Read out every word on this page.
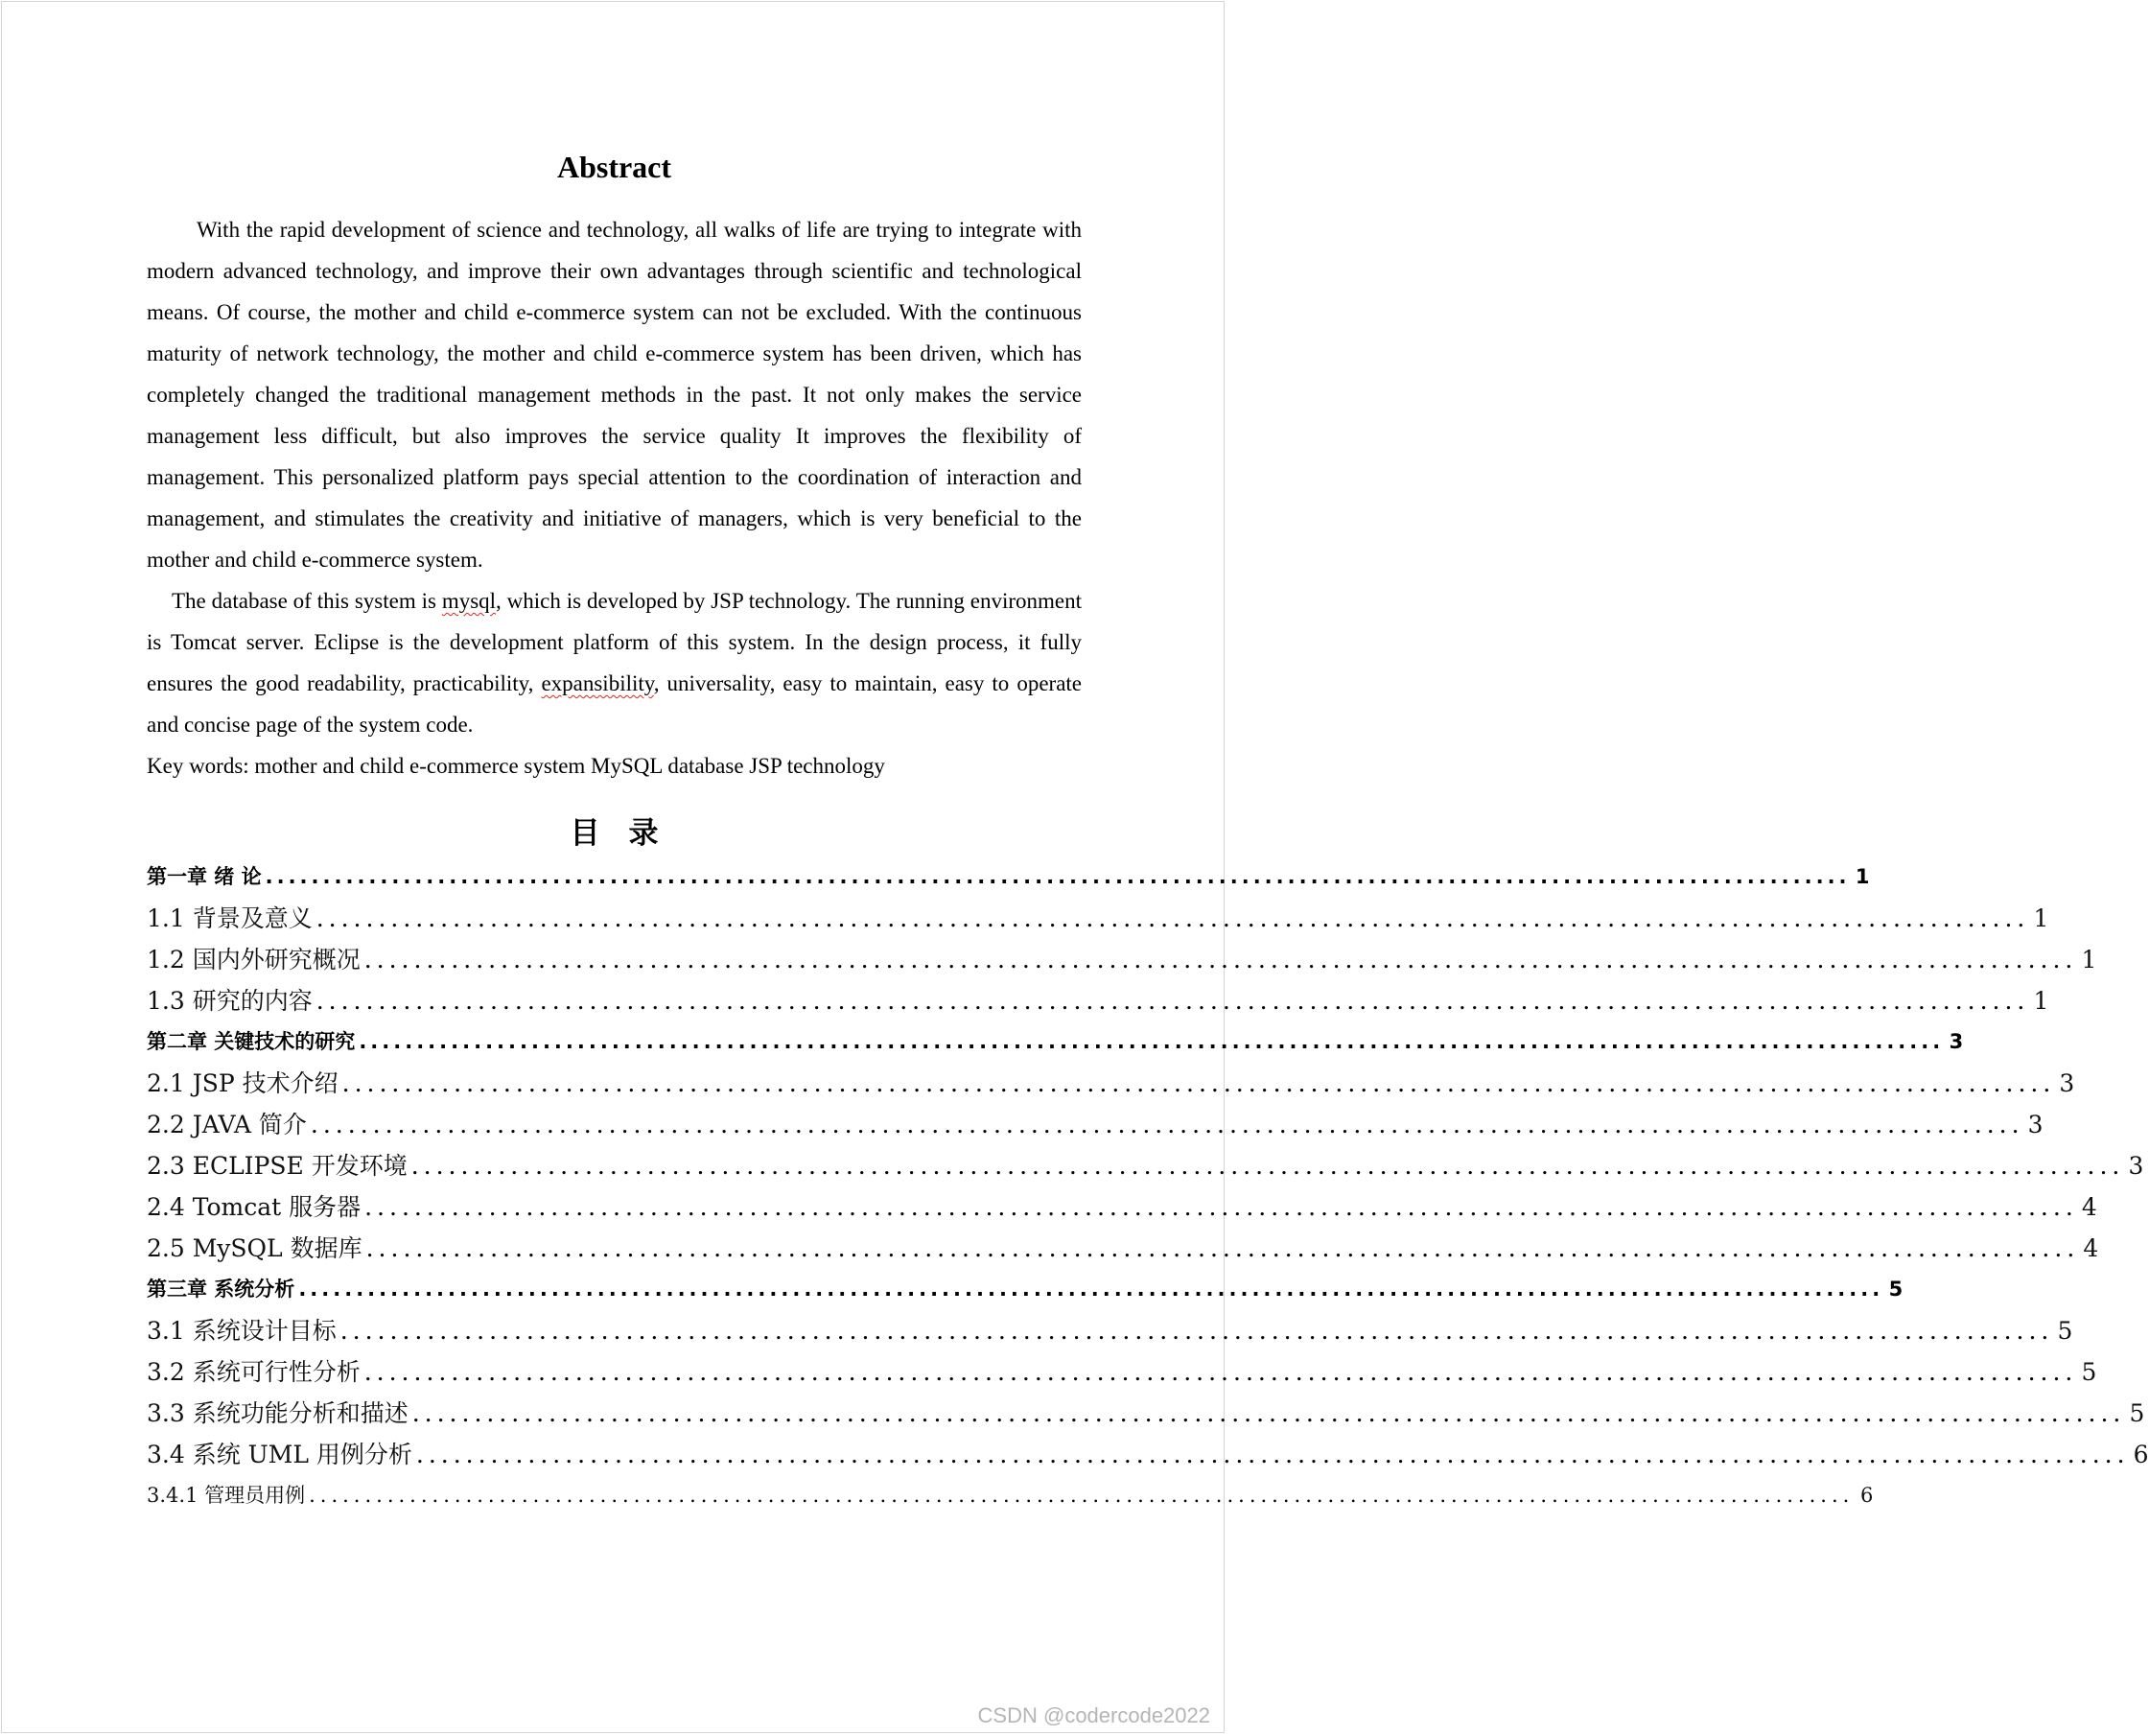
Abstract

With the rapid development of science and technology, all walks of life are trying to integrate with modern advanced technology, and improve their own advantages through scientific and technological means. Of course, the mother and child e-commerce system can not be excluded. With the continuous maturity of network technology, the mother and child e-commerce system has been driven, which has completely changed the traditional management methods in the past. It not only makes the service management less difficult, but also improves the service quality It improves the flexibility of management. This personalized platform pays special attention to the coordination of interaction and management, and stimulates the creativity and initiative of managers, which is very beneficial to the mother and child e-commerce system.

The database of this system is mysql, which is developed by JSP technology. The running environment is Tomcat server. Eclipse is the development platform of this system. In the design process, it fully ensures the good readability, practicability, expansibility, universality, easy to maintain, easy to operate and concise page of the system code.

Key words: mother and child e-commerce system MySQL database JSP technology

目录
第一章 绪 论 .......................................................................................................................................... 1
1.1 背景及意义 .......................................................................................................................................... 1
1.2 国内外研究概况 .......................................................................................................................................... 1
1.3 研究的内容 .......................................................................................................................................... 1
第二章 关键技术的研究 .......................................................................................................................................... 3
2.1 JSP 技术介绍 .......................................................................................................................................... 3
2.2 JAVA 简介 .......................................................................................................................................... 3
2.3 ECLIPSE 开发环境 .......................................................................................................................................... 3
2.4 Tomcat 服务器 .......................................................................................................................................... 4
2.5 MySQL 数据库 .......................................................................................................................................... 4
第三章 系统分析 .......................................................................................................................................... 5
3.1 系统设计目标 .......................................................................................................................................... 5
3.2 系统可行性分析 .......................................................................................................................................... 5
3.3 系统功能分析和描述 .......................................................................................................................................... 5
3.4 系统 UML 用例分析 .......................................................................................................................................... 6
3.4.1 管理员用例 .......................................................................................................................................... 6
CSDN @codercode2022
